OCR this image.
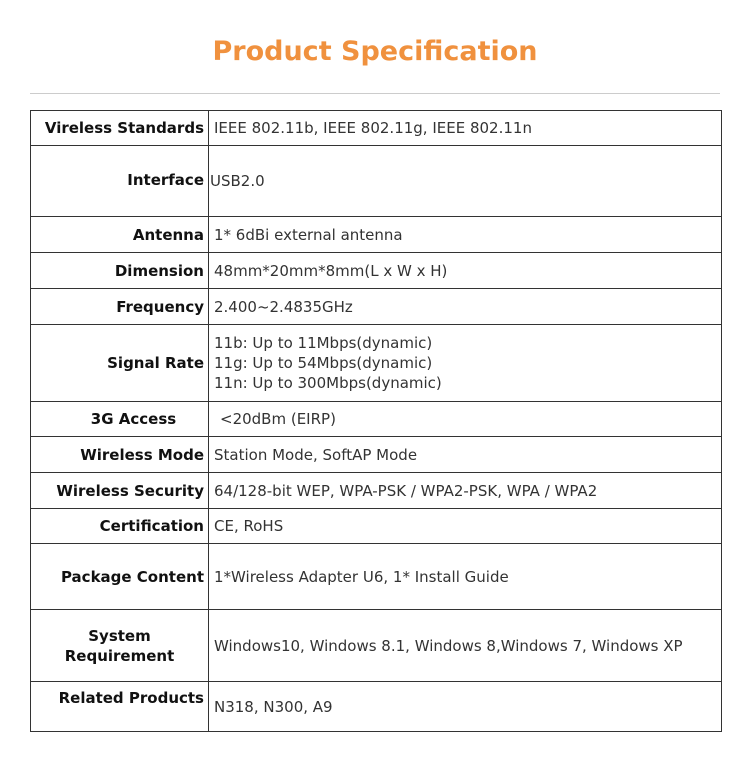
Product Specification
Vireless Standards	IEEE 802.11b, IEEE 802.11g, IEEE 802.11n
Interface	USB2.0
Antenna	1* 6dBi external antenna
Dimension	48mm*20mm*8mm(L x W x H)
Frequency	2.400~2.4835GHz
Signal Rate	11b: Up to 11Mbps(dynamic)
11g: Up to 54Mbps(dynamic)
11n: Up to 300Mbps(dynamic)

3G Access	<20dBm (EIRP)
Wireless Mode	Station Mode, SoftAP Mode
Wireless Security	64/128-bit WEP, WPA-PSK / WPA2-PSK, WPA / WPA2
Certification	CE, RoHS
Package Content	1*Wireless Adapter U6, 1* Install Guide

System
Requirement	Windows10, Windows 8.1, Windows 8,Windows 7, Windows XP
Related Products	N318, N300, A9
